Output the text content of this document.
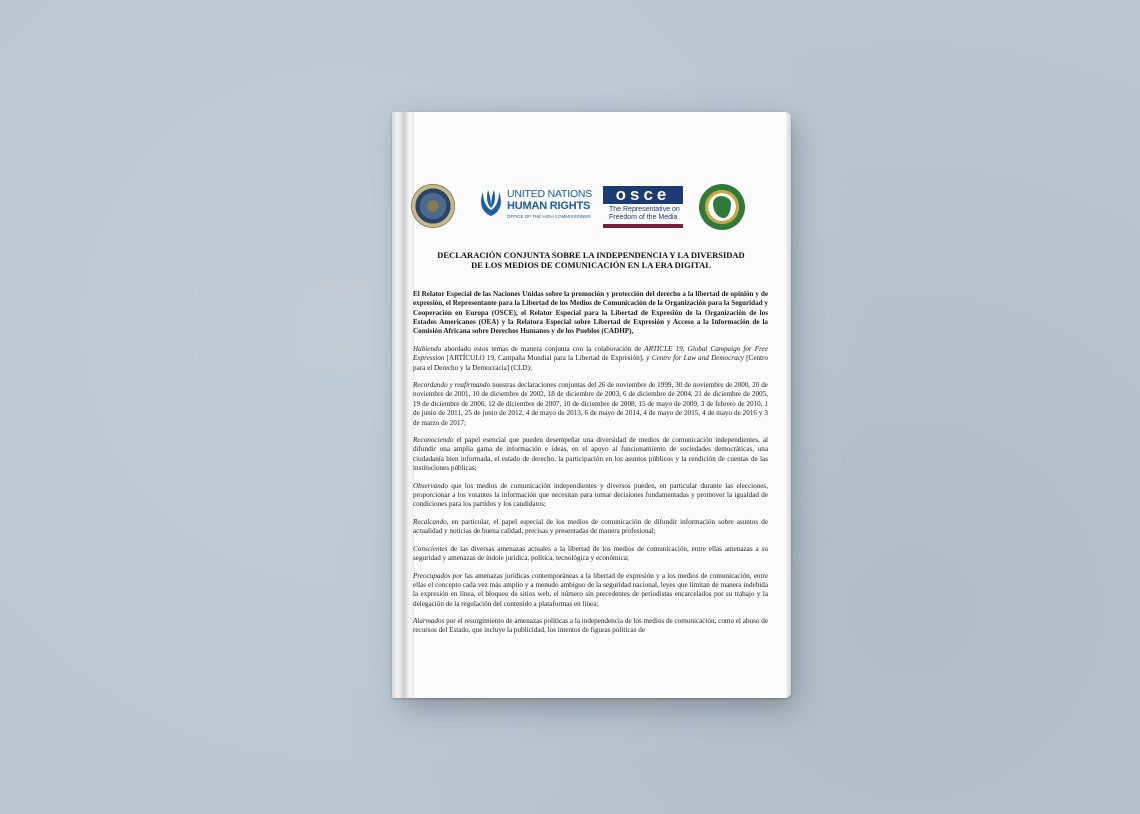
UNITED NATIONS
HUMAN RIGHTS
OFFICE OF THE HIGH COMMISSIONER
osce
The Representative on
Freedom of the Media
DECLARACIÓN CONJUNTA SOBRE LA INDEPENDENCIA Y LA DIVERSIDAD
DE LOS MEDIOS DE COMUNICACIÓN EN LA ERA DIGITAL

El Relator Especial de las Naciones Unidas sobre la promoción y protección del derecho a la libertad de opinión y de expresión, el Representante para la Libertad de los Medios de Comunicación de la Organización para la Seguridad y Cooperación en Europa (OSCE), el Relator Especial para la Libertad de Expresión de la Organización de los Estados Americanos (OEA) y la Relatora Especial sobre Libertad de Expresión y Acceso a la Información de la Comisión Africana sobre Derechos Humanos y de los Pueblos (CADHP),

Habiendo abordado estos temas de manera conjunta con la colaboración de ARTICLE 19, Global Campaign for Free Expression [ARTÍCULO 19, Campaña Mundial para la Libertad de Expresión], y Centre for Law and Democracy [Centro para el Derecho y la Democracia] (CLD);

Recordando y reafirmando nuestras declaraciones conjuntas del 26 de noviembre de 1999, 30 de noviembre de 2000, 20 de noviembre de 2001, 10 de diciembre de 2002, 18 de diciembre de 2003, 6 de diciembre de 2004, 21 de diciembre de 2005, 19 de diciembre de 2006, 12 de diciembre de 2007, 10 de diciembre de 2008, 15 de mayo de 2009, 3 de febrero de 2010, 1 de junio de 2011, 25 de junio de 2012, 4 de mayo de 2013, 6 de mayo de 2014, 4 de mayo de 2015, 4 de mayo de 2016 y 3 de marzo de 2017;

Reconociendo el papel esencial que pueden desempeñar una diversidad de medios de comunicación independientes, al difundir una amplia gama de información e ideas, en el apoyo al funcionamiento de sociedades democráticas, una ciudadanía bien informada, el estado de derecho, la participación en los asuntos públicos y la rendición de cuentas de las instituciones públicas;

Observando que los medios de comunicación independientes y diversos pueden, en particular durante las elecciones, proporcionar a los votantes la información que necesitan para tomar decisiones fundamentadas y promover la igualdad de condiciones para los partidos y los candidatos;

Recalcando, en particular, el papel especial de los medios de comunicación de difundir información sobre asuntos de actualidad y noticias de buena calidad, precisas y presentadas de manera profesional;

Conscientes de las diversas amenazas actuales a la libertad de los medios de comunicación, entre ellas amenazas a su seguridad y amenazas de índole jurídica, política, tecnológica y económica;

Preocupados por las amenazas jurídicas contemporáneas a la libertad de expresión y a los medios de comunicación, entre ellas el concepto cada vez más amplio y a menudo ambiguo de la seguridad nacional, leyes que limitan de manera indebida la expresión en línea, el bloqueo de sitios web, el número sin precedentes de periodistas encarcelados por su trabajo y la delegación de la regulación del contenido a plataformas en línea;

Alarmados por el resurgimiento de amenazas políticas a la independencia de los medios de comunicación, como el abuso de recursos del Estado, que incluye la publicidad, los intentos de figuras políticas de
